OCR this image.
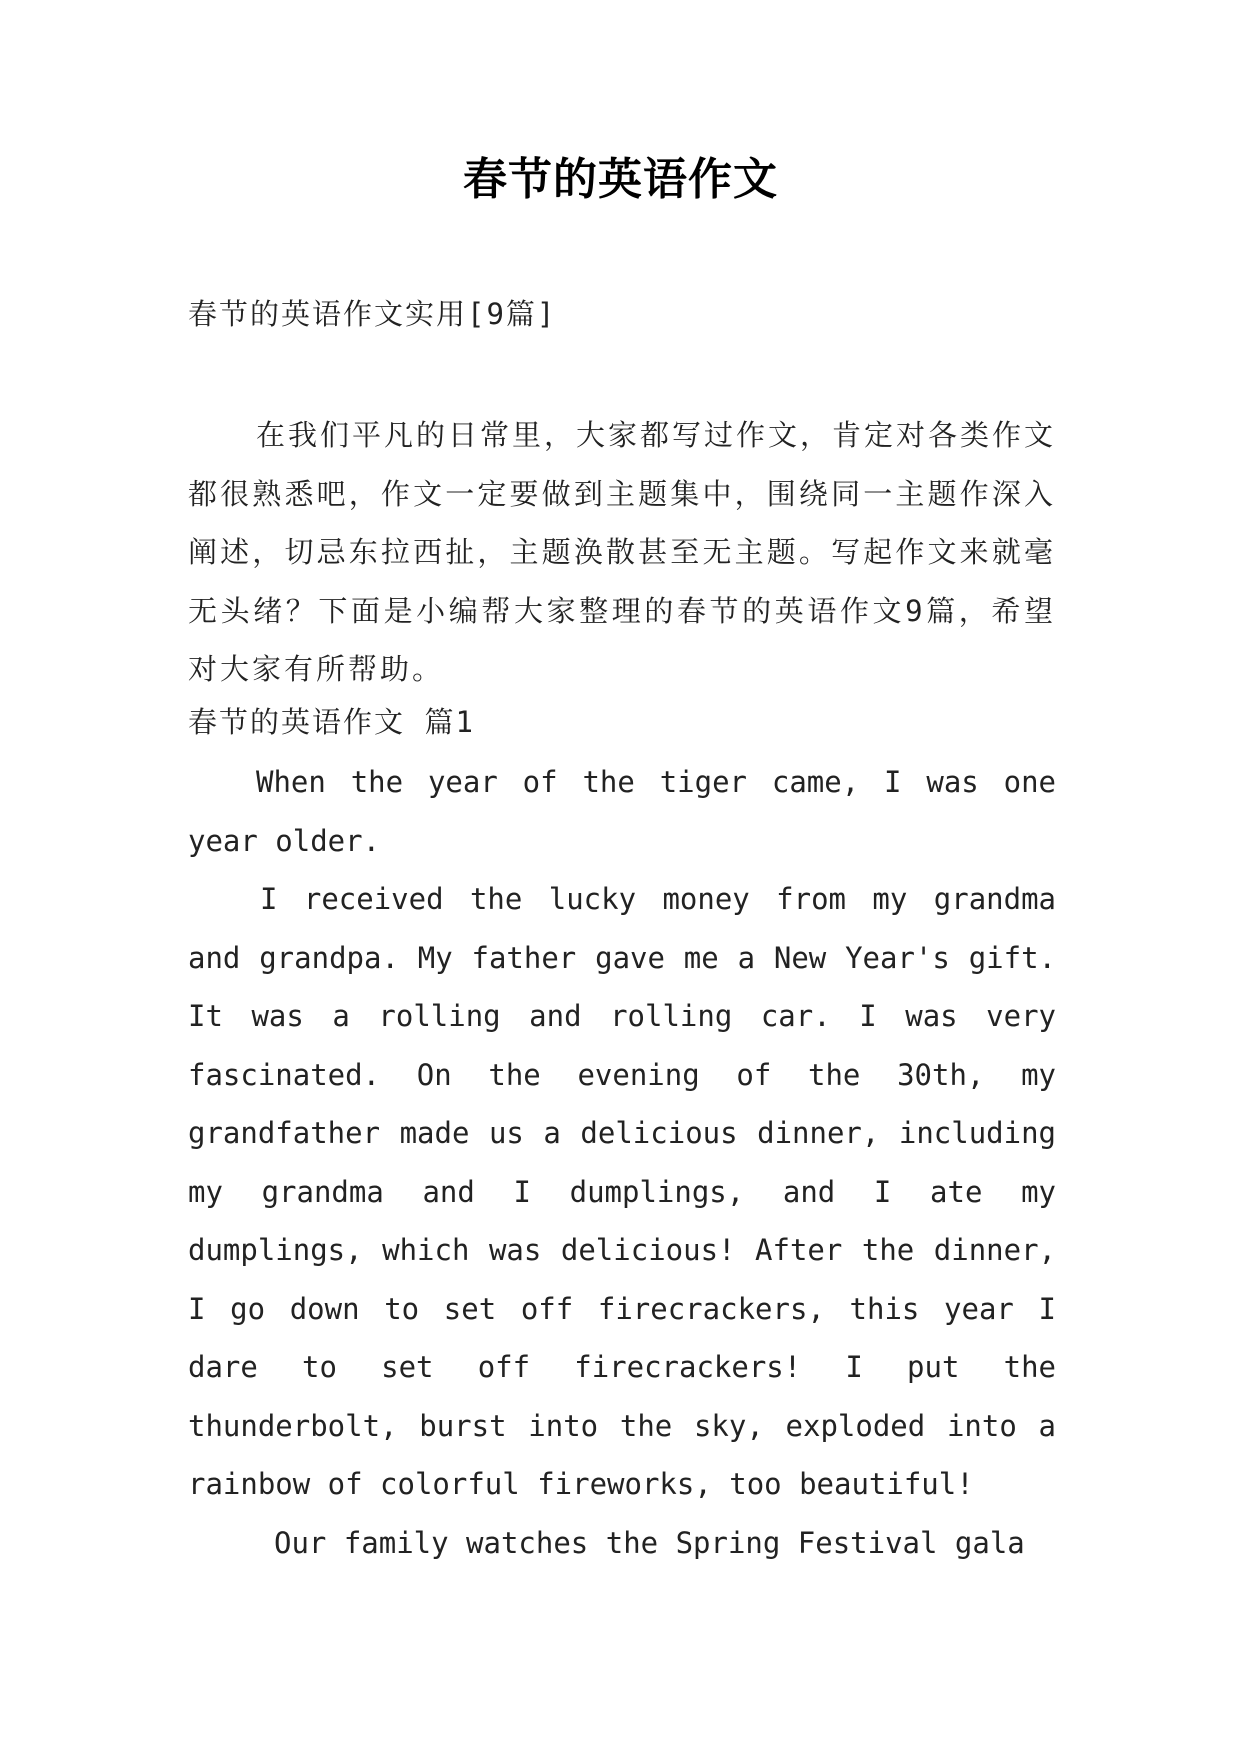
春节的英语作文
春节的英语作文实用[9篇]
在我们平凡的日常里，大家都写过作文，肯定对各类作文都很熟悉吧，作文一定要做到主题集中，围绕同一主题作深入阐述，切忌东拉西扯，主题涣散甚至无主题。写起作文来就毫无头绪？下面是小编帮大家整理的春节的英语作文9篇，希望对大家有所帮助。
春节的英语作文 篇1

When the year of the tiger came, I was one year older.

I received the lucky money from my grandma and grandpa. My father gave me a New Year's gift. It was a rolling and rolling car. I was very fascinated. On the evening of the 30th, my grandfather made us a delicious dinner, including my grandma and I dumplings, and I ate my dumplings, which was delicious! After the dinner, I go down to set off firecrackers, this year I dare to set off firecrackers! I put the thunderbolt, burst into the sky, exploded into a rainbow of colorful fireworks, too beautiful!

Our family watches the Spring Festival gala
